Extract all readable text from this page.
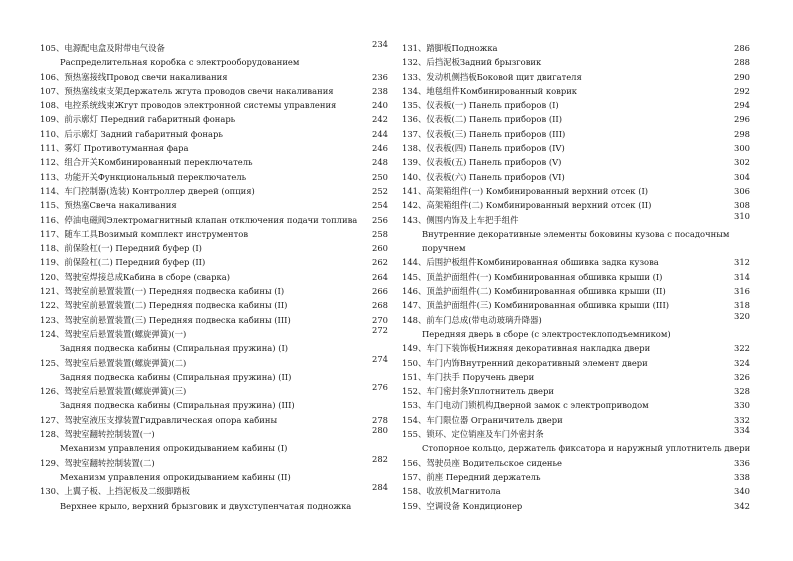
105、电源配电盒及附带电气设备	234
Распределительная коробка с электрооборудованием
106、预热塞接线Провод свечи накаливания	236
107、预热塞线束支架Держатель жгута проводов свечи накаливания	238
108、电控系统线束Жгут проводов электронной системы управления	240
109、前示廓灯 Передний габаритный фонарь	242
110、后示廓灯 Задний габаритный фонарь	244
111、雾灯 Противотуманная фара	246
112、组合开关Комбинированный переключатель	248
113、功能开关Функциональный переключатель	250
114、车门控制器(选装) Контроллер дверей (опция)	252
115、预热塞Свеча накаливания	254
116、停油电磁阀Электромагнитный клапан отключения подачи топлива	256
117、随车工具Возимый комплект инструментов	258
118、前保险杠(一) Передний буфер (I)	260
119、前保险杠(二) Передний буфер (II)	262
120、驾驶室焊接总成Кабина в сборе (сварка)	264
121、驾驶室前悬置装置(一) Передняя подвеска кабины (I)	266
122、驾驶室前悬置装置(二) Передняя подвеска кабины (II)	268
123、驾驶室前悬置装置(三) Передняя подвеска кабины (III)	270
124、驾驶室后悬置装置(螺旋弹簧)(一)	272
Задняя подвеска кабины (Спиральная пружина) (I)
125、驾驶室后悬置装置(螺旋弹簧)(二)	274
Задняя подвеска кабины (Спиральная пружина) (II)
126、驾驶室后悬置装置(螺旋弹簧)(三)	276
Задняя подвеска кабины (Спиральная пружина) (III)
127、驾驶室液压支撑装置Гидравлическая опора кабины	278
128、驾驶室翻转控制装置(一)	280
Механизм управления опрокидыванием кабины (I)
129、驾驶室翻转控制装置(二)	282
Механизм управления опрокидыванием кабины (II)
130、上翼子板、上挡泥板及二级脚踏板	284
Верхнее крыло, верхний брызговик и двухступенчатая подножка
131、踏脚板Подножка	286
132、后挡泥板Задний брызговик	288
133、发动机侧挡板Боковой щит двигателя	290
134、地毯组件Комбинированный коврик	292
135、仪表板(一) Панель приборов (I)	294
136、仪表板(二) Панель приборов (II)	296
137、仪表板(三) Панель приборов (III)	298
138、仪表板(四) Панель приборов (IV)	300
139、仪表板(五) Панель приборов (V)	302
140、仪表板(六) Панель приборов (VI)	304
141、高架箱组件(一) Комбинированный верхний отсек (I)	306
142、高架箱组件(二) Комбинированный верхний отсек (II)	308
143、侧围内饰及上车把手组件	310
Внутренние декоративные элементы боковины кузова с посадочным
поручнем
144、后围护板组件Комбинированная обшивка задка кузова	312
145、顶盖护面组件(一) Комбинированная обшивка крыши (I)	314
146、顶盖护面组件(二) Комбинированная обшивка крыши (II)	316
147、顶盖护面组件(三) Комбинированная обшивка крыши (III)	318
148、前车门总成(带电动玻璃升降器)	320
Передняя дверь в сборе (с электростеклоподъемником)
149、车门下装饰板Нижняя декоративная накладка двери	322
150、车门内饰Внутренний декоративный элемент двери	324
151、车门扶手 Поручень двери	326
152、车门密封条Уплотнитель двери	328
153、车门电动门锁机构Дверной замок с электроприводом	330
154、车门限位器 Ограничитель двери	332
155、锁环、定位销座及车门外密封条	334
Стопорное кольцо, держатель фиксатора и наружный уплотнитель двери
156、驾驶员座 Водительское сиденье	336
157、前座 Передний держатель	338
158、收放机Магнитола	340
159、空调设备 Кондиционер	342
